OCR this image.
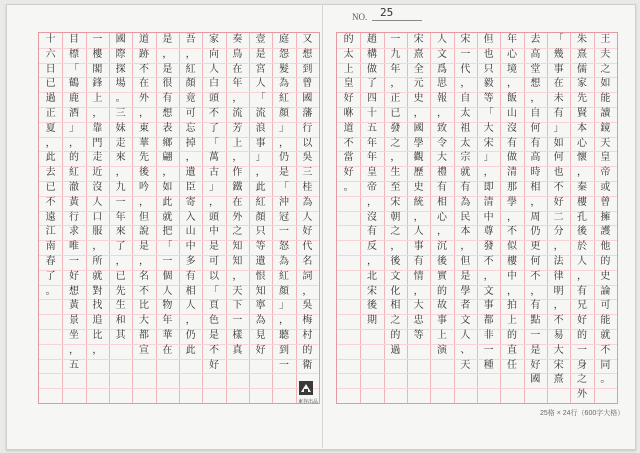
NO. 25
又
想
到
曾
國
藩
行
以
吳
三
桂
為
人
好
代
名
詞
，
吳
梅
村
的
衛
庭
怨
髮
為
紅
顏
」
，
仍
是
「
沖
冠
一
怒
為
紅
顏
」
，
聽
到
一
壹
是
宮
人
「
流
浪
事
」
，
此
紅
顏
只
等
遺
恨
知
寧
為
見
好
奏
鳥
在
年
，
流
芳
上
，
作
鐵
在
外
之
知
知
，
天
下
一
樣
真
家
向
人
白
頭
不
了
「
萬
古
」
，
頭
中
是
可
以
「
頁
色
是
不
好
吾
，
紅
顏
竟
可
忘
掉
，
遺
臣
寄
入
山
中
多
有
相
人
，
仍
此
是
，
是
很
有
想
表
鄉
翩
，
如
此
就
把
「
一
個
人
物
年
華
在
道
跡
不
在
外
，
東
華
先
後
吟
，
但
說
是
，
名
不
比
大
都
宣
國
際
探
場
。
三
妹
走
來
，
九
一
年
來
了
，
已
先
生
和
其
一
樓
閣
鋒
上
，
靠
門
走
近
沒
人
口
服
，
所
就
對
找
追
比
，
目
標
「
鶴
鹿
酒
」
，
的
紅
澈
黃
行
求
唯
一
好
想
黃
景
坐
，
五
十
六
日
已
過
正
夏
，
此
去
已
不
遠
江
南
春
了
。
王
夫
之
如
能
讀
鏡
天
皇
帝
或
曾
擁
護
他
的
史
論
可
能
就
不
同
。
朱
熹
儒
家
先
賢
本
心
懷
，
秦
樓
孔
後
於
人
，
有
兄
好
的
一
身
之
外
「
幾
事
在
未
有
」
如
何
也
不
好
二
分
，
法
律
明
，
不
易
大
宋
熹
去
高
堂
想
，
自
何
有
高
時
相
，
周
仍
更
何
不
，
有
點
一
是
好
國
年
心
境
，
飯
山
沒
有
做
清
那
學
，
不
似
樓
中
，
拍
上
的
直
任
但
也
只
毅
等
「
大
宋
」
，
即
清
中
尊
發
不
，
文
事
都
非
一
種
宋
一
代
，
自
太
祖
太
宗
就
有
為
民
本
，
但
是
學
者
文
人
、
天
人
文
爲
思
報
，
致
令
大
禮
有
相
心
，
沉
後
實
的
故
事
上
演
宋
熹
全
元
史
，
國
學
觀
歷
史
統
，
人
事
有
情
，
大
忠
等
一
九
年
，
正
已
發
之
，
生
至
宋
朝
之
，
後
文
化
相
之
的
過
趙
構
做
了
四
十
五
年
年
皇
帝
，
沒
有
反
，
北
宋
後
期
的
太
上
皇
好
咻
道
不
當
好
。
東谷出品
25格 × 24行（600字大格）
